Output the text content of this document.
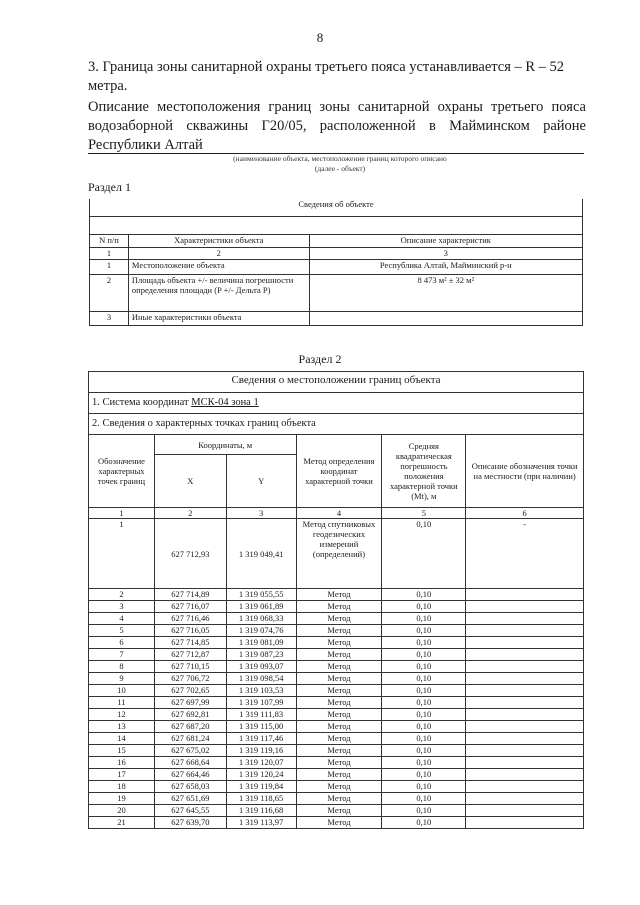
8
3. Граница зоны санитарной охраны третьего пояса устанавливается – R – 52 метра.
Описание местоположения границ зоны санитарной охраны третьего пояса водозаборной скважины Г20/05, расположенной в Майминском районе Республики Алтай
(наименование объекта, местоположение границ которого описано
(далее - объект)
Раздел 1
Сведения об объекте		

N п/п	Характеристики объекта	Описание характеристик
1	2	3
1	Местоположение объекта	Республика Алтай, Майминский р-н
2	Площадь объекта +/- величина погрешности определения площади (P +/- Дельта P)	8 473 м² ± 32 м²
3	Иные характеристики объекта	
Раздел 2
Сведения о местоположении границ объекта					
1. Система координат МСК-04 зона 1					
2. Сведения о характерных точках границ объекта					
Обозначение характерных точек границ	Координаты, м		Метод определения координат характерной точки	Средняя квадратическая погрешность положения характерной точки (Mt), м	Описание обозначения точки на местности (при наличии)
	X	Y			
1	2	3	4	5	6
1	627 712,93	1 319 049,41	Метод спутниковых геодезических измерений (определений)	0,10	-
2	627 714,89	1 319 055,55	Метод	0,10	
3	627 716,07	1 319 061,89	Метод	0,10	
4	627 716,46	1 319 068,33	Метод	0,10	
5	627 716,05	1 319 074,76	Метод	0,10	
6	627 714,85	1 319 081,09	Метод	0,10	
7	627 712,87	1 319 087,23	Метод	0,10	
8	627 710,15	1 319 093,07	Метод	0,10	
9	627 706,72	1 319 098,54	Метод	0,10	
10	627 702,65	1 319 103,53	Метод	0,10	
11	627 697,99	1 319 107,99	Метод	0,10	
12	627 692,81	1 319 111,83	Метод	0,10	
13	627 687,20	1 319 115,00	Метод	0,10	
14	627 681,24	1 319 117,46	Метод	0,10	
15	627 675,02	1 319 119,16	Метод	0,10	
16	627 668,64	1 319 120,07	Метод	0,10	
17	627 664,46	1 319 120,24	Метод	0,10	
18	627 658,03	1 319 119,84	Метод	0,10	
19	627 651,69	1 319 118,65	Метод	0,10	
20	627 645,55	1 319 116,68	Метод	0,10	
21	627 639,70	1 319 113,97	Метод	0,10	
